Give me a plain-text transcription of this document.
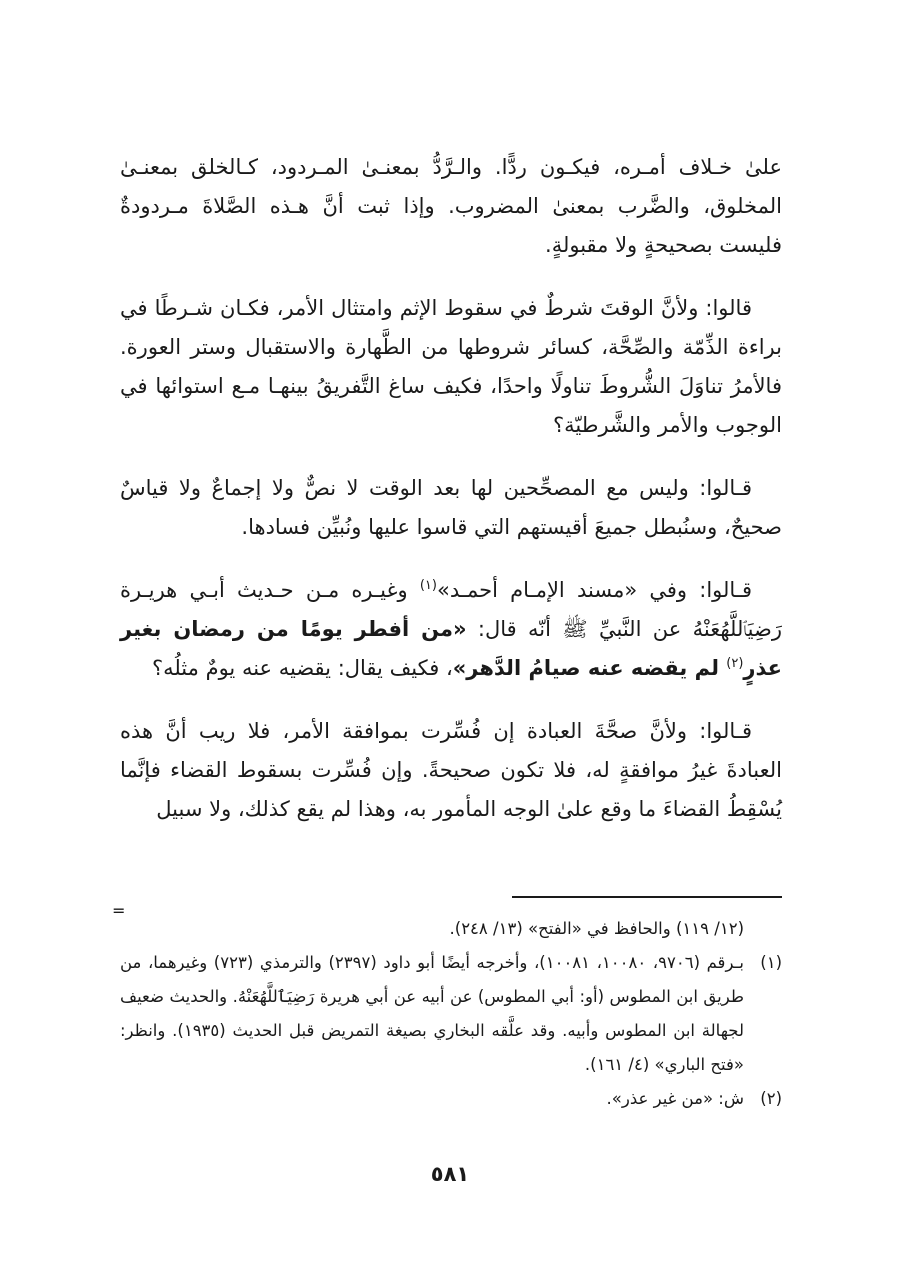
علىٰ خـلاف أمـره، فيكـون ردًّا. والـرَّدُّ بمعنـىٰ المـردود، كـالخلق بمعنـىٰ المخلوق، والضَّرب بمعنىٰ المضروب. وإذا ثبت أنَّ هـذه الصَّلاةَ مـردودةٌ فليست بصحيحةٍ ولا مقبولةٍ.

قالوا: ولأنَّ الوقتَ شرطٌ في سقوط الإثم وامتثال الأمر، فكـان شـرطًا في براءة الذِّمّة والصِّحَّة، كسائر شروطها من الطَّهارة والاستقبال وستر العورة. فالأمرُ تناوَلَ الشُّروطَ تناولًا واحدًا، فكيف ساغ التَّفريقُ بينهـا مـع استوائها في الوجوب والأمر والشَّرطيّة؟

قـالوا: وليس مع المصحِّحين لها بعد الوقت لا نصٌّ ولا إجماعٌ ولا قياسٌ صحيحٌ، وسنُبطل جميعَ أقيستهم التي قاسوا عليها ونُبيِّن فسادها.

قـالوا: وفي «مسند الإمـام أحمـد»$^{(١)}$ وغيـره مـن حـديث أبـي هريـرة رَضِيَٱللَّهُعَنْهُ عن النَّبيِّ ﷺ أنّه قال: «من أفطر يومًا من رمضان بغير عذرٍ$^{(٢)}$ لم يقضه عنه صيامُ الدَّهر»، فكيف يقال: يقضيه عنه يومٌ مثلُه؟

قـالوا: ولأنَّ صحَّةَ العبادة إن فُسِّرت بموافقة الأمر، فلا ريب أنَّ هذه العبادةَ غيرُ موافقةٍ له، فلا تكون صحيحةً. وإن فُسِّرت بسقوط القضاء فإنَّما يُسْقِطُ القضاءَ ما وقع علىٰ الوجه المأمور به، وهذا لم يقع كذلك، ولا سبيل

=
(١٢/ ١١٩) والحافظ في «الفتح» (١٣/ ٢٤٨).
(١)
بـرقم (٩٧٠٦، ١٠٠٨٠، ١٠٠٨١)، وأخرجه أيضًا أبو داود (٢٣٩٧) والترمذي (٧٢٣) وغيرهما، من طريق ابن المطوس (أو: أبي المطوس) عن أبيه عن أبي هريرة رَضِيَٱللَّهُعَنْهُ. والحديث ضعيف لجهالة ابن المطوس وأبيه. وقد علَّقه البخاري بصيغة التمريض قبل الحديث (١٩٣٥). وانظر: «فتح الباري» (٤/ ١٦١).
(٢)
ش: «من غير عذر».
٥٨١
